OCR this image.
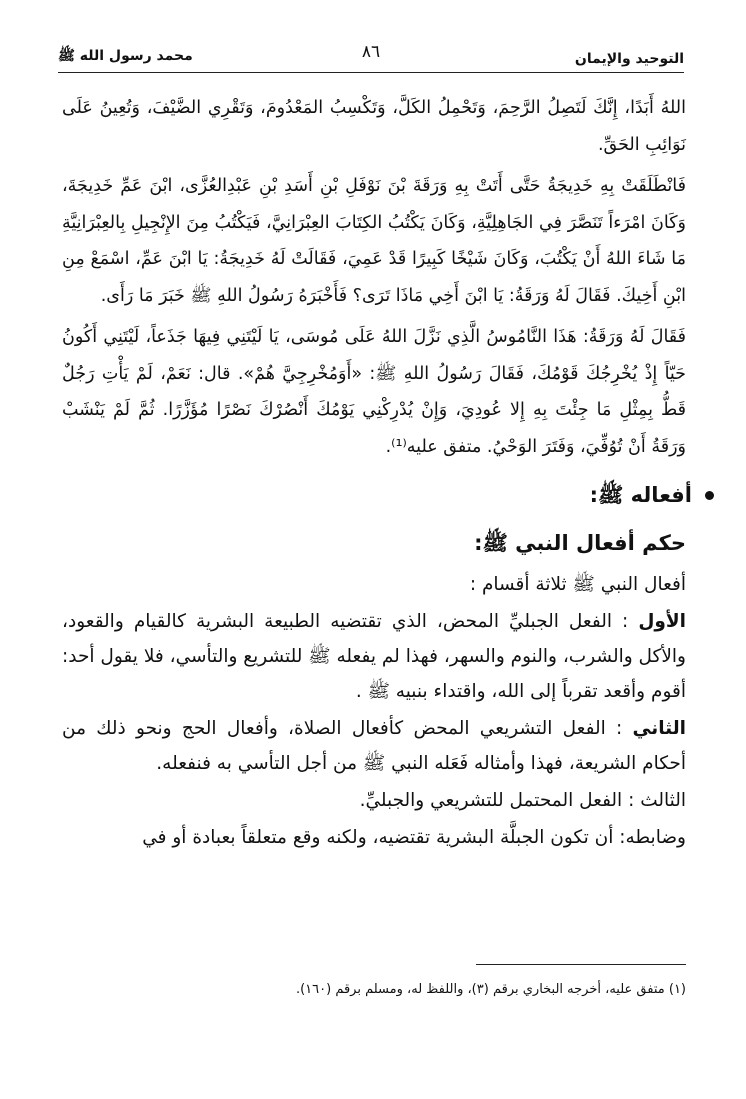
التوحيد والإيمان
٨٦
محمد رسول الله ﷺ

اللهُ أَبَدًا، إِنَّكَ لَتَصِلُ الرَّحِمَ، وَتَحْمِلُ الكَلَّ، وَتَكْسِبُ المَعْدُومَ، وَتَقْرِي الضَّيْفَ، وَتُعِينُ عَلَى نَوَائِبِ الحَقِّ.

فَانْطَلَقَتْ بِهِ خَدِيجَةُ حَتَّى أَتَتْ بِهِ وَرَقَةَ بْنَ نَوْفَلِ بْنِ أَسَدِ بْنِ عَبْدِالعُزَّى، ابْنَ عَمِّ خَدِيجَةَ، وَكَانَ امْرَءاً تَنَصَّرَ فِي الجَاهِلِيَّةِ، وَكَانَ يَكْتُبُ الكِتَابَ العِبْرَانِيَّ، فَيَكْتُبُ مِنَ الإِنْجِيلِ بِالعِبْرَانِيَّةِ مَا شَاءَ اللهُ أَنْ يَكْتُبَ، وَكَانَ شَيْخًا كَبِيرًا قَدْ عَمِيَ، فَقَالَتْ لَهُ خَدِيجَةُ: يَا ابْنَ عَمِّ، اسْمَعْ مِنِ ابْنِ أَخِيكَ. فَقَالَ لَهُ وَرَقَةُ: يَا ابْنَ أَخِي مَاذَا تَرَى؟ فَأَخْبَرَهُ رَسُولُ اللهِ ﷺ خَبَرَ مَا رَأَى.

فَقَالَ لَهُ وَرَقَةُ: هَذَا النَّامُوسُ الَّذِي نَزَّلَ اللهُ عَلَى مُوسَى، يَا لَيْتَنِي فِيهَا جَذَعاً، لَيْتَنِي أَكُونُ حَيّاً إِذْ يُخْرِجُكَ قَوْمُكَ، فَقَالَ رَسُولُ اللهِ ﷺ: «أَوَمُخْرِجِيَّ هُمْ». قال: نَعَمْ، لَمْ يَأْتِ رَجُلٌ قَطُّ بِمِثْلِ مَا جِئْتَ بِهِ إِلا عُودِيَ، وَإِنْ يُدْرِكْنِي يَوْمُكَ أَنْصُرْكَ نَصْرًا مُؤَزَّرًا. ثُمَّ لَمْ يَنْشَبْ وَرَقَةُ أَنْ تُوُفِّيَ، وَفَتَرَ الوَحْيُ. متفق عليه⁽¹⁾.

أفعاله ﷺ:
حكم أفعال النبي ﷺ:

أفعال النبي ﷺ ثلاثة أقسام :

الأول : الفعل الجبليِّ المحض، الذي تقتضيه الطبيعة البشرية كالقيام والقعود، والأكل والشرب، والنوم والسهر، فهذا لم يفعله ﷺ للتشريع والتأسي، فلا يقول أحد: أقوم وأقعد تقرباً إلى الله، واقتداء بنبيه ﷺ .

الثاني : الفعل التشريعي المحض كأفعال الصلاة، وأفعال الحج ونحو ذلك من أحكام الشريعة، فهذا وأمثاله فَعَله النبي ﷺ من أجل التأسي به فنفعله.

الثالث : الفعل المحتمل للتشريعي والجبليِّ.

وضابطه: أن تكون الجبلَّة البشرية تقتضيه، ولكنه وقع متعلقاً بعبادة أو في

(١) متفق عليه، أخرجه البخاري برقم (٣)، واللفظ له، ومسلم برقم (١٦٠).
